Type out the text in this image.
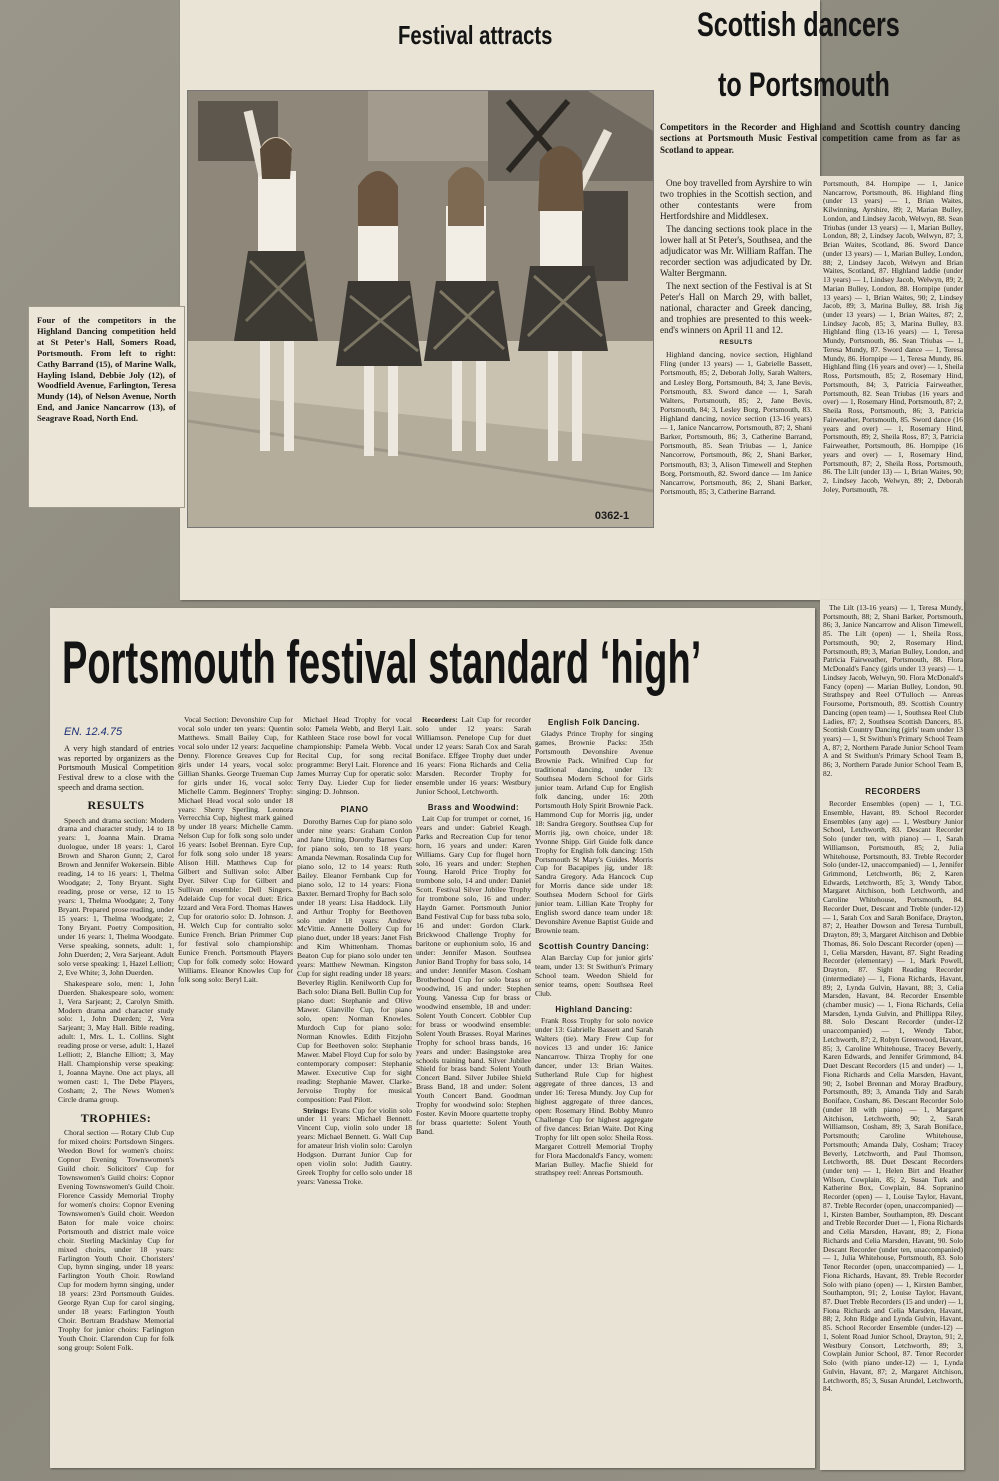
Four of the competitors in the Highland Dancing competition held at St Peter's Hall, Somers Road, Portsmouth. From left to right: Cathy Barrand (15), of Marine Walk, Hayling Island, Debbie Joly (12), of Woodfield Avenue, Farlington, Teresa Mundy (14), of Nelson Avenue, North End, and Janice Nancarrow (13), of Seagrave Road, North End.
Festival attracts	Scottish dancers
to Portsmouth
0362-1
Competitors in the Recorder and Highland and Scottish country dancing sections at Portsmouth Music Festival competition came from as far as Scotland to appear.

One boy travelled from Ayrshire to win two trophies in the Scottish section, and other contestants were from Hertfordshire and Middlesex.

The dancing sections took place in the lower hall at St Peter's, Southsea, and the adjudicator was Mr. William Raffan. The recorder section was adjudicated by Dr. Walter Bergmann.

The next section of the Festival is at St Peter's Hall on March 29, with ballet, national, character and Greek dancing, and trophies are presented to this week-end's winners on April 11 and 12.

RESULTS

Highland dancing, novice section, Highland Fling (under 13 years) — 1, Gabrielle Bassett, Portsmouth, 85; 2, Deborah Jolly, Sarah Walters, and Lesley Borg, Portsmouth, 84; 3, Jane Bevis, Portsmouth, 83. Sword dance — 1, Sarah Walters, Portsmouth, 85; 2, Jane Bevis, Portsmouth, 84; 3, Lesley Borg, Portsmouth, 83. Highland dancing, novice section (13-16 years) — 1, Janice Nancarrow, Portsmouth, 87; 2, Shani Barker, Portsmouth, 86; 3, Catherine Barrand, Portsmouth, 85. Sean Triubas — 1, Janice Nancorrow, Portsmouth, 86; 2, Shani Barker, Portsmouth, 83; 3, Alison Timewell and Stephen Borg, Portsmouth, 82. Sword dance — 1m Janice Nancarrow, Portsmouth, 86; 2, Shani Barker, Portsmouth, 85; 3, Catherine Barrand.

Portsmouth, 84. Hornpipe — 1, Janice Nancarrow, Portsmouth, 86. Highland fling (under 13 years) — 1, Brian Waites, Kilwinning, Ayrshire, 89; 2, Marian Bulley, London, and Lindsey Jacob, Welwyn, 88. Sean Triubas (under 13 years) — 1, Marian Bulley, London, 88; 2, Lindsey Jacob, Welwyn, 87; 3, Brian Waites, Scotland, 86. Sword Dance (under 13 years) — 1, Marian Bulley, London, 88; 2, Lindsey Jacob, Welwyn and Brian Waites, Scotland, 87. Highland laddie (under 13 years) — 1, Lindsey Jacob, Welwyn, 89; 2, Marian Bulley, London, 88. Hornpipe (under 13 years) — 1, Brian Waites, 90; 2, Lindsey Jacob, 89; 3, Marina Bulley, 88. Irish Jig (under 13 years) — 1, Brian Waites, 87; 2, Lindsey Jacob, 85; 3, Marina Bulley, 83. Highland fling (13-16 years) — 1, Teresa Mundy, Portsmouth, 86. Sean Triubas — 1, Teresa Mundy, 87. Sword dance — 1, Teresa Mundy, 86. Hornpipe — 1, Teresa Mundy, 86. Highland fling (16 years and over) — 1, Sheila Ross, Portsmouth, 85; 2, Rosemary Hind, Portsmouth, 84; 3, Patricia Fairweather, Portsmouth, 82. Sean Triubas (16 years and over) — 1, Rosemary Hind, Portsmouth, 87; 2, Sheila Ross, Portsmouth, 86; 3, Patricia Fairweather, Portsmouth, 85. Sword dance (16 years and over) — 1, Rosemary Hind, Portsmouth, 89; 2, Sheila Ross, 87; 3, Patricia Fairweather, Portsmouth, 86. Hornpipe (16 years and over) — 1, Rosemary Hind, Portsmouth, 87; 2, Sheila Ross, Portsmouth, 86. The Lilt (under 13) — 1, Brian Waites, 90; 2, Lindsey Jacob, Welwyn, 89; 2, Deborah Joley, Portsmouth, 78.

The Lilt (13-16 years) — 1, Teresa Mundy, Portsmouth, 88; 2, Shani Barker, Portsmouth, 86; 3, Janice Nancarrow and Alison Timewell, 85. The Lilt (open) — 1, Sheila Ross, Portsmouth, 90; 2, Rosemary Hind, Portsmouth, 89; 3, Marian Bulley, London, and Patricia Fairweather, Portsmouth, 88. Flora McDonald's Fancy (girls under 13 years) — 1, Lindsey Jacob, Welwyn, 90. Flora McDonald's Fancy (open) — Marian Bulley, London, 90. Strathspey and Reel O'Tulloch — Anreas Foursome, Portsmouth, 89. Scottish Country Dancing (open team) — 1, Southsea Reel Club Ladies, 87; 2, Southsea Scottish Dancers, 85. Scottish Country Dancing (girls' team under 13 years) — 1, St Swithun's Primary School Team A, 87; 2, Northern Parade Junior School Team A and St Swithun's Primary School Team B, 86; 3, Northern Parade Junior School Team B, 82.

RECORDERS

Recorder Ensembles (open) — 1, T.G. Ensemble, Havant, 89. School Recorder Ensembles (any age) — 1, Westbury Junior School, Letchworth, 83. Descant Recorder Solo (under ten, with piano) — 1, Sarah Williamson, Portsmouth, 85; 2, Julia Whitehouse, Portsmouth, 83. Treble Recorder Solo (under-12, unaccompanied) — 1, Jennifer Grimmond, Letchworth, 86; 2, Karen Edwards, Letchworth, 85; 3, Wendy Tabor, Margaret Aitchison, both Letchworth, and Caroline Whitehouse, Portsmouth, 84. Recorder Duet, Descant and Treble (under-12) — 1, Sarah Cox and Sarah Boniface, Drayton, 87; 2, Heather Dowson and Teresa Turnbull, Drayton, 89; 3, Margaret Aitchison and Debbie Thomas, 86. Solo Descant Recorder (open) — 1, Celia Marsden, Havant, 87. Sight Reading Recorder (elementary) — 1, Mark Powell, Drayton, 87. Sight Reading Recorder (intermediate) — 1, Fiona Richards, Havant, 89; 2, Lynda Gulvin, Havant, 88; 3, Celia Marsden, Havant, 84. Recorder Ensemble (chamber music) — 1, Fiona Richards, Celia Marsden, Lynda Gulvin, and Phillippa Riley, 88. Solo Descant Recorder (under-12 unaccompanied) — 1, Wendy Tabor, Letchworth, 87; 2, Robyn Greenwood, Havant, 85; 3, Caroline Whitehouse, Tracey Beverly, Karen Edwards, and Jennifer Grimmond, 84. Duet Descant Recorders (15 and under) — 1, Fiona Richards and Celia Marsden, Havant, 90; 2, Isobel Brennan and Moray Bradbury, Portsmouth, 89; 3, Amanda Tidy and Sarah Boniface, Cosham, 86. Descant Recorder Solo (under 18 with piano) — 1, Margaret Aitchison, Letchworth, 90; 2, Sarah Williamson, Cosham, 89; 3, Sarah Boniface, Portsmouth; Caroline Whitehouse, Portsmouth; Amanda Daly, Cosham; Tracey Beverly, Letchworth, and Paul Thomson, Letchworth, 88. Duet Descant Recorders (under ten) — 1, Helen Birt and Heather Wilson, Cowplain, 85; 2, Susan Turk and Katherine Box, Cowplain, 84. Sopranino Recorder (open) — 1, Louise Taylor, Havant, 87. Treble Recorder (open, unaccompanied) — 1, Kirsten Bamber, Southampton, 89. Descant and Treble Recorder Duet — 1, Fiona Richards and Celia Marsden, Havant, 89; 2, Fiona Richards and Celia Marsden, Havant, 90. Solo Descant Recorder (under ten, unaccompanied) — 1, Julia Whitehouse, Portsmouth, 83. Solo Tenor Recorder (open, unaccompanied) — 1, Fiona Richards, Havant, 89. Treble Recorder Solo with piano (open) — 1, Kirsten Bamber, Southampton, 91; 2, Louise Taylor, Havant, 87. Duet Treble Recorders (15 and under) — 1, Fiona Richards and Celia Marsden, Havant, 88; 2, John Ridge and Lynda Gulvin, Havant, 85. School Recorder Ensemble (under-12) — 1, Solent Road Junior School, Drayton, 91; 2, Westbury Consort, Letchworth, 89; 3, Cowplain Junior School, 87. Tenor Recorder Solo (with piano under-12) — 1, Lynda Gulvin, Havant, 87; 2, Margaret Aitchison, Letchworth, 85; 3, Susan Arundel, Letchworth, 84.

Portsmouth festival standard ‘high’
EN. 12.4.75

A very high standard of entries was reported by organizers as the Portsmouth Musical Competition Festival drew to a close with the speech and drama section.

RESULTS

Speech and drama section: Modern drama and character study, 14 to 18 years: 1, Joanna Main. Drama duologue, under 18 years: 1, Carol Brown and Sharon Gunn; 2, Carol Brown and Jennifer Wokersein. Bible reading, 14 to 16 years: 1, Thelma Woodgate; 2, Tony Bryant. Sight reading, prose or verse, 12 to 15 years: 1, Thelma Woodgate; 2, Tony Bryant. Prepared prose reading, under 15 years: 1, Thelma Woodgate; 2, Tony Bryant. Poetry Composition, under 16 years: 1, Thelma Woodgate. Verse speaking, sonnets, adult: 1, John Duerden; 2, Vera Sarjeant. Adult solo verse speaking: 1, Hazel Lelliott; 2, Eve White; 3, John Duerden.

Shakespeare solo, men: 1, John Duerden. Shakespeare solo, women: 1, Vera Sarjeant; 2, Carolyn Smith. Modern drama and character study solo: 1, John Duerden; 2, Vera Sarjeant; 3, May Hall. Bible reading, adult: 1, Mrs. L. L. Collins. Sight reading prose or verse, adult: 1, Hazel Lelliott; 2, Blanche Elliott; 3, May Hall. Championship verse speaking: 1, Joanna Mayne. One act plays, all women cast: 1, The Debe Players, Cosham; 2, The News Women's Circle drama group.

TROPHIES:

Choral section — Rotary Club Cup for mixed choirs: Portsdown Singers. Weedon Bowl for women's choirs: Copnor Evening Townswomen's Guild choir. Solicitors' Cup for Townswomen's Guild choirs: Copnor Evening Townswomen's Guild Choir. Florence Cassidy Memorial Trophy for women's choirs: Copnor Evening Townswomen's Guild choir. Weedon Baton for male voice choirs: Portsmouth and district male voice choir. Sterling Mackinlay Cup for mixed choirs, under 18 years: Farlington Youth Choir. Choristers' Cup, hymn singing, under 18 years: Farlington Youth Choir. Rowland Cup for modern hymn singing, under 18 years: 23rd Portsmouth Guides. George Ryan Cup for carol singing, under 18 years: Farlington Youth Choir. Bertram Bradshaw Memorial Trophy for junior choirs: Farlington Youth Choir. Clarendon Cup for folk song group: Solent Folk.

Vocal Section: Devonshire Cup for vocal solo under ten years: Quentin Matthews. Small Bailey Cup, for vocal solo under 12 years: Jacqueline Denny. Florence Greaves Cup for girls under 14 years, vocal solo: Gillian Shanks. George Trueman Cup for girls under 16, vocal solo: Michelle Camm. Beginners' Trophy: Michael Head vocal solo under 18 years: Sherry Sperling. Leonora Verrecchia Cup, highest mark gained by under 18 years: Michelle Camm. Nelson Cup for folk song solo under 16 years: Isobel Brennan. Eyre Cup, for folk song solo under 18 years: Alison Hill. Matthews Cup for Gilbert and Sullivan solo: Alber Dyer. Silver Cup for Gilbert and Sullivan ensemble: Dell Singers. Adelaide Cup for vocal duet: Erica Izzard and Vera Ford. Thomas Hawes Cup for oratorio solo: D. Johnson. J. H. Welch Cup for contralto solo: Eunice French. Brian Primmer Cup for festival solo championship: Eunice French. Portsmouth Players Cup for folk comedy solo: Howard Williams. Eleanor Knowles Cup for folk song solo: Beryl Lait.

Michael Head Trophy for vocal solo: Pamela Webb, and Beryl Lait. Kathleen Stace rose bowl for vocal championship: Pamela Webb. Vocal Recital Cup, for song recital programme: Beryl Lait. Florence and James Murray Cup for operatic solo: Terry Day. Lieder Cup for lieder singing: D. Johnson.

PIANO

Dorothy Barnes Cup for piano solo under nine years: Graham Conlon and Jane Utting. Dorothy Barnes Cup for piano solo, ten to 18 years: Amanda Newman. Rosalinda Cup for piano solo, 12 to 14 years: Ruth Bailey. Eleanor Fernbank Cup for piano solo, 12 to 14 years: Fiona Baxter. Bernard Trophy for Bach solo under 18 years: Lisa Haddock. Lily and Arthur Trophy for Beethoven solo under 18 years: Andrew McVittie. Annette Dollery Cup for piano duet, under 18 years: Janet Fish and Kim Whittenham. Thomas Beaton Cup for piano solo under ten years: Matthew Newman. Kingston Cup for sight reading under 18 years: Beverley Riglin. Kenilworth Cup for Bach solo: Diana Bell. Bullin Cup for piano duet: Stephanie and Olive Mawer. Glanville Cup, for piano solo, open: Norman Knowles. Murdoch Cup for piano solo: Norman Knowles. Edith Fitzjohn Cup for Beethoven solo: Stephanie Mawer. Mabel Floyd Cup for solo by contemporary composer: Stephanie Mawer. Executive Cup for sight reading: Stephanie Mawer. Clarke-Jervoise Trophy for musical composition: Paul Pilott.

Strings: Evans Cup for violin solo under 11 years: Michael Bennett. Vincent Cup, violin solo under 18 years: Michael Bennett. G. Wall Cup for amateur Irish violin solo: Carolyn Hodgson. Durrant Junior Cup for open violin solo: Judith Gautry. Greek Trophy for cello solo under 18 years: Vanessa Troke.

Recorders: Lait Cup for recorder solo under 12 years: Sarah Williamson. Penelope Cup for duet under 12 years: Sarah Cox and Sarah Boniface. Effgee Trophy duet under 16 years: Fiona Richards and Celia Marsden. Recorder Trophy for ensemble under 16 years: Westbury Junior School, Letchworth.

Brass and Woodwind:

Lait Cup for trumpet or cornet, 16 years and under: Gabriel Keagh. Parks and Recreation Cup for tenor horn, 16 years and under: Karen Williams. Gary Cup for flugel horn solo, 16 years and under: Stephen Young. Harold Price Trophy for trombone solo, 14 and under: Daniel Scott. Festival Silver Jubilee Trophy for trombone solo, 16 and under: Haydn Garner. Portsmouth Junior Band Festival Cup for bass tuba solo, 16 and under: Gordon Clark. Brickwood Challenge Trophy for baritone or euphonium solo, 16 and under: Jennifer Mason. Southsea Junior Band Trophy for bass solo, 14 and under: Jennifer Mason. Cosham Brotherhood Cup for solo brass or woodwind, 16 and under: Stephen Young. Vanessa Cup for brass or woodwind ensemble, 18 and under: Solent Youth Concert. Cobbler Cup for brass or woodwind ensemble: Solent Youth Brasses. Royal Marines Trophy for school brass bands, 16 years and under: Basingstoke area schools training band. Silver Jubilee Shield for brass band: Solent Youth Concert Band. Silver Jubilee Shield Brass Band, 18 and under: Solent Youth Concert Band. Goodman Trophy for woodwind solo: Stephen Foster. Kevin Moore quartette trophy for brass quartette: Solent Youth Band.

English Folk Dancing.

Gladys Prince Trophy for singing games, Brownie Packs: 35th Portsmouth Devonshire Avenue Brownie Pack. Winifred Cup for traditional dancing, under 13: Southsea Modern School for Girls junior team. Arland Cup for English folk dancing, under 16: 20th Portsmouth Holy Spirit Brownie Pack. Hammond Cup for Morris jig, under 18: Sandra Gregory. Southsea Cup for Morris jig, own choice, under 18: Yvonne Shipp. Girl Guide folk dance Trophy for English folk dancing: 15th Portsmouth St Mary's Guides. Morris Cup for Bacapipes jig, under 18: Sandra Gregory. Ada Hancock Cup for Morris dance side under 18: Southsea Modern School for Girls junior team. Lillian Kate Trophy for English sword dance team under 18: Devonshire Avenue Baptist Guide and Brownie team.

Scottish Country Dancing:

Alan Barclay Cup for junior girls' team, under 13: St Swithun's Primary School team. Weedon Shield for senior teams, open: Southsea Reel Club.

Highland Dancing:

Frank Ross Trophy for solo novice under 13: Gabrielle Bassett and Sarah Walters (tie). Mary Frew Cup for novices 13 and under 16: Janice Nancarrow. Thirza Trophy for one dancer, under 13: Brian Waites. Sutherland Rule Cup for highest aggregate of three dances, 13 and under 16: Teresa Mundy. Joy Cup for highest aggregate of three dances, open: Rosemary Hind. Bobby Munro Challenge Cup for highest aggregate of five dances: Brian Waite. Dot King Trophy for lilt open solo: Sheila Ross. Margaret Cottrell Memorial Trophy for Flora Macdonald's Fancy, women: Marian Bulley. Macfie Shield for strathspey reel: Anreas Portsmouth.
